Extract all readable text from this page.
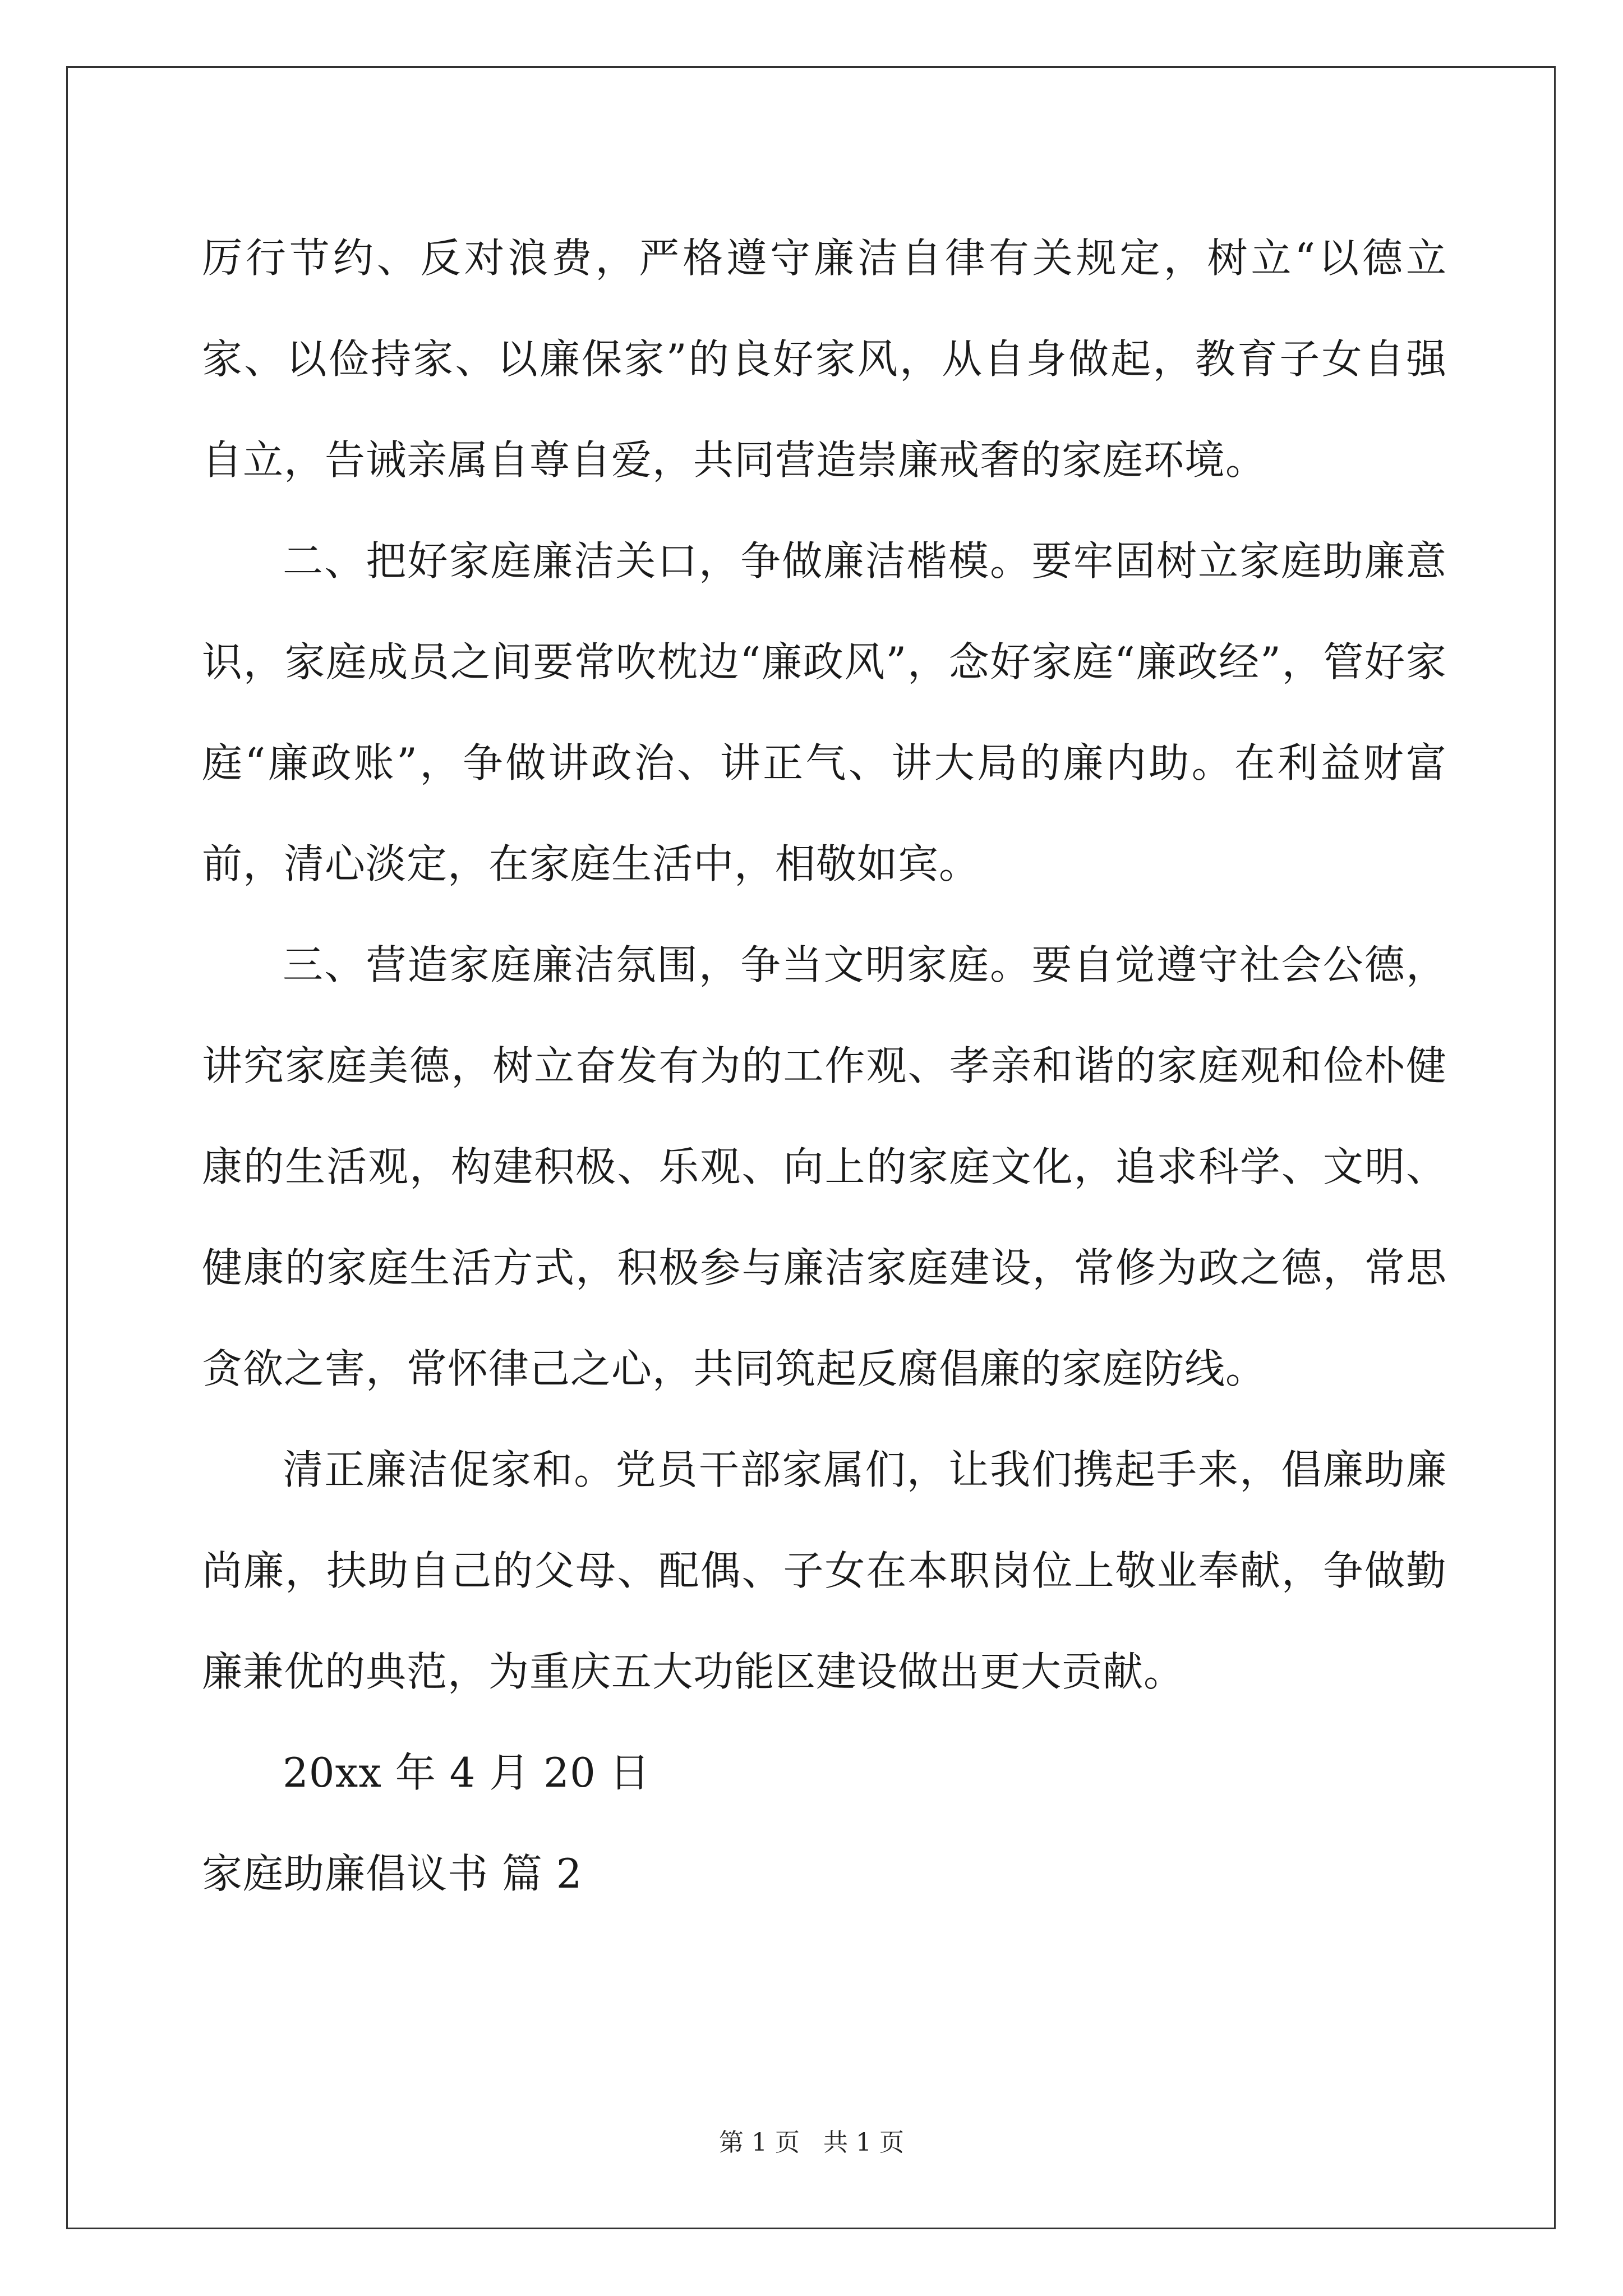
厉行节约、反对浪费，严格遵守廉洁自律有关规定，树立“以德立家、以俭持家、以廉保家”的良好家风，从自身做起，教育子女自强自立，告诫亲属自尊自爱，共同营造崇廉戒奢的家庭环境。

二、把好家庭廉洁关口，争做廉洁楷模。要牢固树立家庭助廉意识，家庭成员之间要常吹枕边“廉政风”，念好家庭“廉政经”，管好家庭“廉政账”，争做讲政治、讲正气、讲大局的廉内助。在利益财富前，清心淡定，在家庭生活中，相敬如宾。

三、营造家庭廉洁氛围，争当文明家庭。要自觉遵守社会公德，讲究家庭美德，树立奋发有为的工作观、孝亲和谐的家庭观和俭朴健康的生活观，构建积极、乐观、向上的家庭文化，追求科学、文明、健康的家庭生活方式，积极参与廉洁家庭建设，常修为政之德，常思贪欲之害，常怀律己之心，共同筑起反腐倡廉的家庭防线。

清正廉洁促家和。党员干部家属们，让我们携起手来，倡廉助廉尚廉，扶助自己的父母、配偶、子女在本职岗位上敬业奉献，争做勤廉兼优的典范，为重庆五大功能区建设做出更大贡献。

20xx 年 4 月 20 日

家庭助廉倡议书 篇 2

第 1 页 共 1 页
